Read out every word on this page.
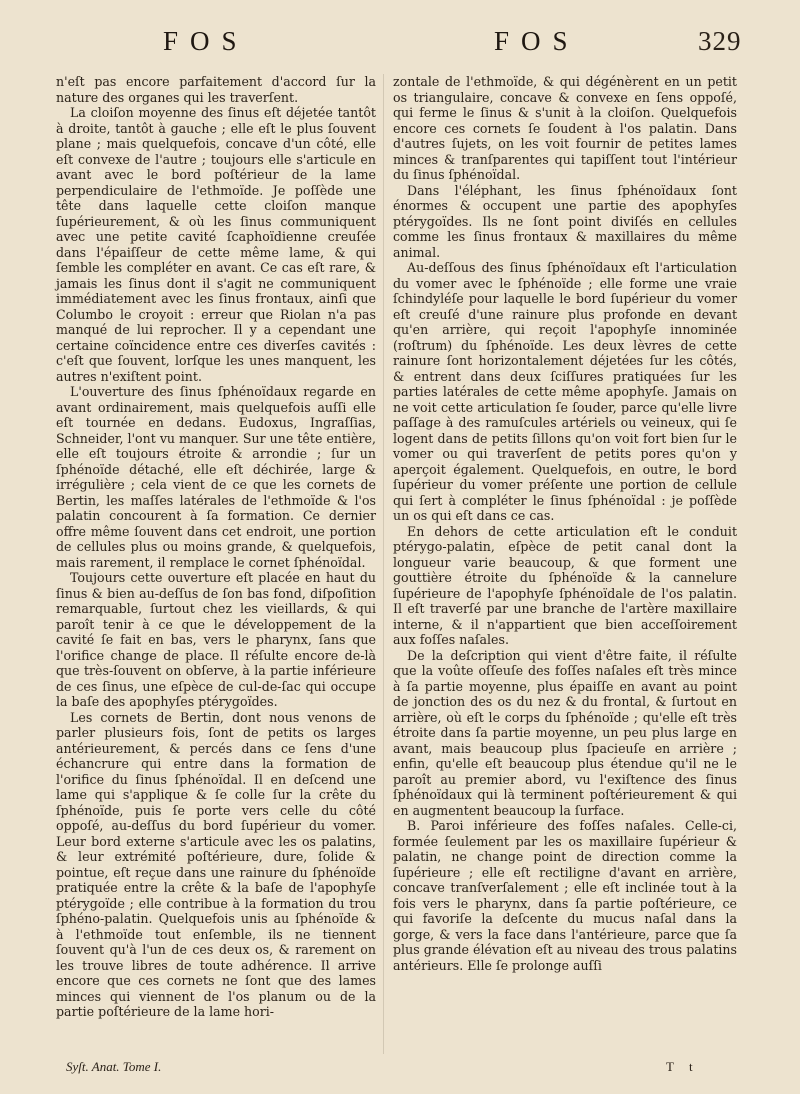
FOS	FOS	329

n'eſt pas encore parfaitement d'accord ſur la nature des organes qui les traverſent.

La cloiſon moyenne des ſinus eſt déjetée tantôt à droite, tantôt à gauche ; elle eſt le plus ſouvent plane ; mais quelquefois, concave d'un côté, elle eſt convexe de l'autre ; toujours elle s'articule en avant avec le bord poſtérieur de la lame perpendiculaire de l'ethmoïde. Je poſſède une tête dans laquelle cette cloiſon manque ſupérieurement, & où les ſinus communiquent avec une petite cavité ſcaphoïdienne creuſée dans l'épaiſſeur de cette même lame, & qui ſemble les compléter en avant. Ce cas eſt rare, & jamais les ſinus dont il s'agit ne communiquent immédiatement avec les ſinus frontaux, ainſi que Columbo le croyoit : erreur que Riolan n'a pas manqué de lui reprocher. Il y a cependant une certaine coïncidence entre ces diverſes cavités : c'eſt que ſouvent, lorſque les unes manquent, les autres n'exiſtent point.

L'ouverture des ſinus ſphénoïdaux regarde en avant ordinairement, mais quelquefois auſſi elle eſt tournée en dedans. Eudoxus, Ingraſſias, Schneider, l'ont vu manquer. Sur une tête entière, elle eſt toujours étroite & arrondie ; ſur un ſphénoïde détaché, elle eſt déchirée, large & irrégulière ; cela vient de ce que les cornets de Bertin, les maſſes latérales de l'ethmoïde & l'os palatin concourent à ſa formation. Ce dernier offre même ſouvent dans cet endroit, une portion de cellules plus ou moins grande, & quelquefois, mais rarement, il remplace le cornet ſphénoïdal.

Toujours cette ouverture eſt placée en haut du ſinus & bien au-deſſus de ſon bas fond, diſpoſition remarquable, ſurtout chez les vieillards, & qui paroît tenir à ce que le développement de la cavité ſe fait en bas, vers le pharynx, ſans que l'orifice change de place. Il réſulte encore de-là que très-ſouvent on obſerve, à la partie inférieure de ces ſinus, une eſpèce de cul-de-ſac qui occupe la baſe des apophyſes ptérygoïdes.

Les cornets de Bertin, dont nous venons de parler plusieurs fois, ſont de petits os larges antérieurement, & percés dans ce ſens d'une échancrure qui entre dans la formation de l'orifice du ſinus ſphénoïdal. Il en deſcend une lame qui s'applique & ſe colle ſur la crête du ſphénoïde, puis ſe porte vers celle du côté oppoſé, au-deſſus du bord ſupérieur du vomer. Leur bord externe s'articule avec les os palatins, & leur extrémité poſtérieure, dure, ſolide & pointue, eſt reçue dans une rainure du ſphénoïde pratiquée entre la crête & la baſe de l'apophyſe ptérygoïde ; elle contribue à la formation du trou ſphéno-palatin. Quelquefois unis au ſphénoïde & à l'ethmoïde tout enſemble, ils ne tiennent ſouvent qu'à l'un de ces deux os, & rarement on les trouve libres de toute adhérence. Il arrive encore que ces cornets ne ſont que des lames minces qui viennent de l'os planum ou de la partie poſtérieure de la lame hori-

zontale de l'ethmoïde, & qui dégénèrent en un petit os triangulaire, concave & convexe en ſens oppoſé, qui ferme le ſinus & s'unit à la cloiſon. Quelquefois encore ces cornets ſe ſoudent à l'os palatin. Dans d'autres ſujets, on les voit fournir de petites lames minces & tranſparentes qui tapiſſent tout l'intérieur du ſinus ſphénoïdal.

Dans l'éléphant, les ſinus ſphénoïdaux ſont énormes & occupent une partie des apophyſes ptérygoïdes. Ils ne ſont point diviſés en cellules comme les ſinus frontaux & maxillaires du même animal.

Au-deſſous des ſinus ſphénoïdaux eſt l'articulation du vomer avec le ſphénoïde ; elle forme une vraie ſchindyléſe pour laquelle le bord ſupérieur du vomer eſt creuſé d'une rainure plus profonde en devant qu'en arrière, qui reçoit l'apophyſe innominée (roſtrum) du ſphénoïde. Les deux lèvres de cette rainure ſont horizontalement déjetées ſur les côtés, & entrent dans deux ſciſſures pratiquées ſur les parties latérales de cette même apophyſe. Jamais on ne voit cette articulation ſe ſouder, parce qu'elle livre paſſage à des ramuſcules artériels ou veineux, qui ſe logent dans de petits ſillons qu'on voit fort bien ſur le vomer ou qui traverſent de petits pores qu'on y aperçoit également. Quelquefois, en outre, le bord ſupérieur du vomer préſente une portion de cellule qui ſert à compléter le ſinus ſphénoïdal : je poſſède un os qui eſt dans ce cas.

En dehors de cette articulation eſt le conduit ptérygo-palatin, eſpèce de petit canal dont la longueur varie beaucoup, & que forment une gouttière étroite du ſphénoïde & la cannelure ſupérieure de l'apophyſe ſphénoïdale de l'os palatin. Il eſt traverſé par une branche de l'artère maxillaire interne, & il n'appartient que bien acceſſoirement aux foſſes naſales.

De la deſcription qui vient d'être faite, il réſulte que la voûte oſſeuſe des foſſes naſales eſt très mince à ſa partie moyenne, plus épaiſſe en avant au point de jonction des os du nez & du frontal, & ſurtout en arrière, où eſt le corps du ſphénoïde ; qu'elle eſt très étroite dans ſa partie moyenne, un peu plus large en avant, mais beaucoup plus ſpacieuſe en arrière ; enfin, qu'elle eſt beaucoup plus étendue qu'il ne le paroît au premier abord, vu l'exiſtence des ſinus ſphénoïdaux qui là terminent poſtérieurement & qui en augmentent beaucoup la ſurface.

B. Paroi inférieure des foſſes naſales. Celle-ci, formée ſeulement par les os maxillaire ſupérieur & palatin, ne change point de direction comme la ſupérieure ; elle eſt rectiligne d'avant en arrière, concave tranſverſalement ; elle eſt inclinée tout à la fois vers le pharynx, dans ſa partie poſtérieure, ce qui favoriſe la deſcente du mucus naſal dans la gorge, & vers la face dans l'antérieure, parce que ſa plus grande élévation eſt au niveau des trous palatins antérieurs. Elle ſe prolonge auſſi

Syſt. Anat. Tome I.	T t
